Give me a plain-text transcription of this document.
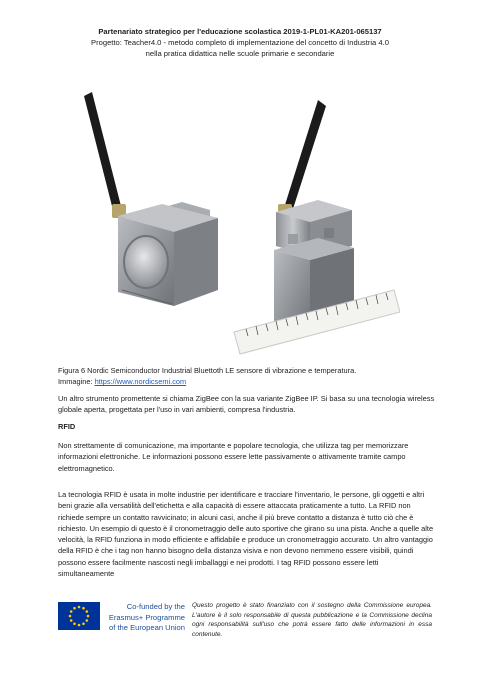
Partenariato strategico per l'educazione scolastica 2019-1-PL01-KA201-065137
Progetto: Teacher4.0 - metodo completo di implementazione del concetto di Industria 4.0
nella pratica didattica nelle scuole primarie e secondarie
Figura 6 Nordic Semiconductor Industrial Bluettoth LE sensore di vibrazione e temperatura.
Immagine: https://www.nordicsemi.com
Un altro strumento promettente si chiama ZigBee con la sua variante ZigBee IP. Si basa su una tecnologia wireless globale aperta, progettata per l'uso in vari ambienti, compresa l'industria.
RFID
Non strettamente di comunicazione, ma importante e popolare tecnologia, che utilizza tag per memorizzare informazioni elettroniche. Le informazioni possono essere lette passivamente o attivamente tramite campo elettromagnetico.
La tecnologia RFID è usata in molte industrie per identificare e tracciare l'inventario, le persone, gli oggetti e altri beni grazie alla versatilità dell'etichetta e alla capacità di essere attaccata praticamente a tutto. La RFID non richiede sempre un contatto ravvicinato; in alcuni casi, anche il più breve contatto a distanza è tutto ciò che è richiesto. Un esempio di questo è il cronometraggio delle auto sportive che girano su una pista. Anche a quelle alte velocità, la RFID funziona in modo efficiente e affidabile e produce un cronometraggio accurato. Un altro vantaggio della RFID è che i tag non hanno bisogno della distanza visiva e non devono nemmeno essere visibili, quindi possono essere facilmente nascosti negli imballaggi e nei prodotti. I tag RFID possono essere letti simultaneamente
Co-funded by the
Erasmus+ Programme
of the European Union
Questo progetto è stato finanziato con il sostegno della Commissione europea. L'autore è il solo responsabile di questa pubblicazione e la Commissione declina ogni responsabilità sull'uso che potrà essere fatto delle informazioni in essa contenute.
